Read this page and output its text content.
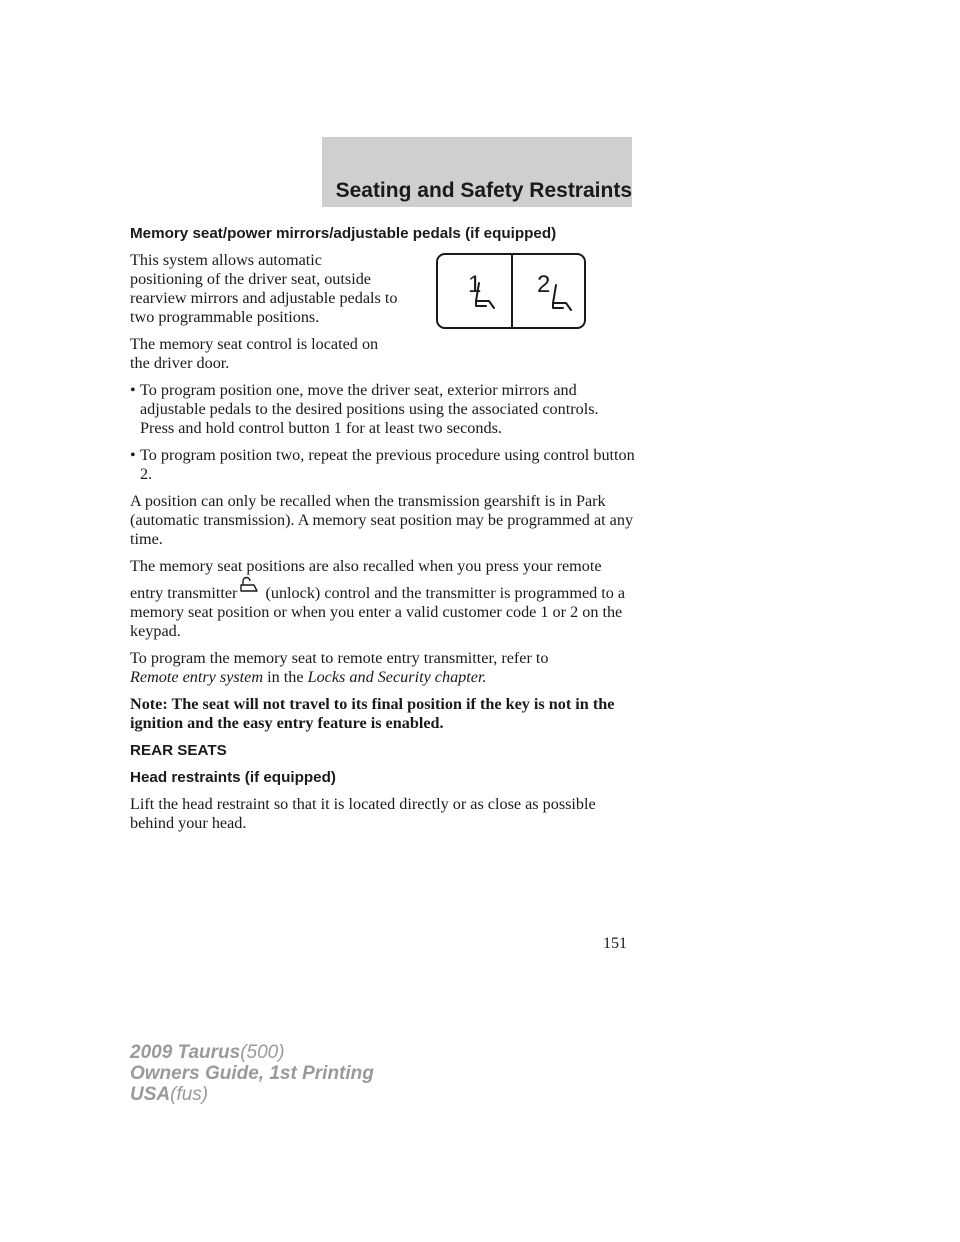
Seating and Safety Restraints
1 2

Memory seat/power mirrors/adjustable pedals (if equipped)

This system allows automatic positioning of the driver seat, outside rearview mirrors and adjustable pedals to two programmable positions.

The memory seat control is located on the driver door.

• To program position one, move the driver seat, exterior mirrors and adjustable pedals to the desired positions using the associated controls. Press and hold control button 1 for at least two seconds.
• To program position two, repeat the previous procedure using control button 2.

A position can only be recalled when the transmission gearshift is in Park (automatic transmission). A memory seat position may be programmed at any time.

The memory seat positions are also recalled when you press your remote entry transmitter (unlock) control and the transmitter is programmed to a memory seat position or when you enter a valid customer code 1 or 2 on the keypad.

To program the memory seat to remote entry transmitter, refer to
Remote entry system in the Locks and Security chapter.

Note: The seat will not travel to its final position if the key is not in the ignition and the easy entry feature is enabled.

REAR SEATS

Head restraints (if equipped)

Lift the head restraint so that it is located directly or as close as possible behind your head.

151
2009 Taurus(500)
Owners Guide, 1st Printing
USA(fus)
